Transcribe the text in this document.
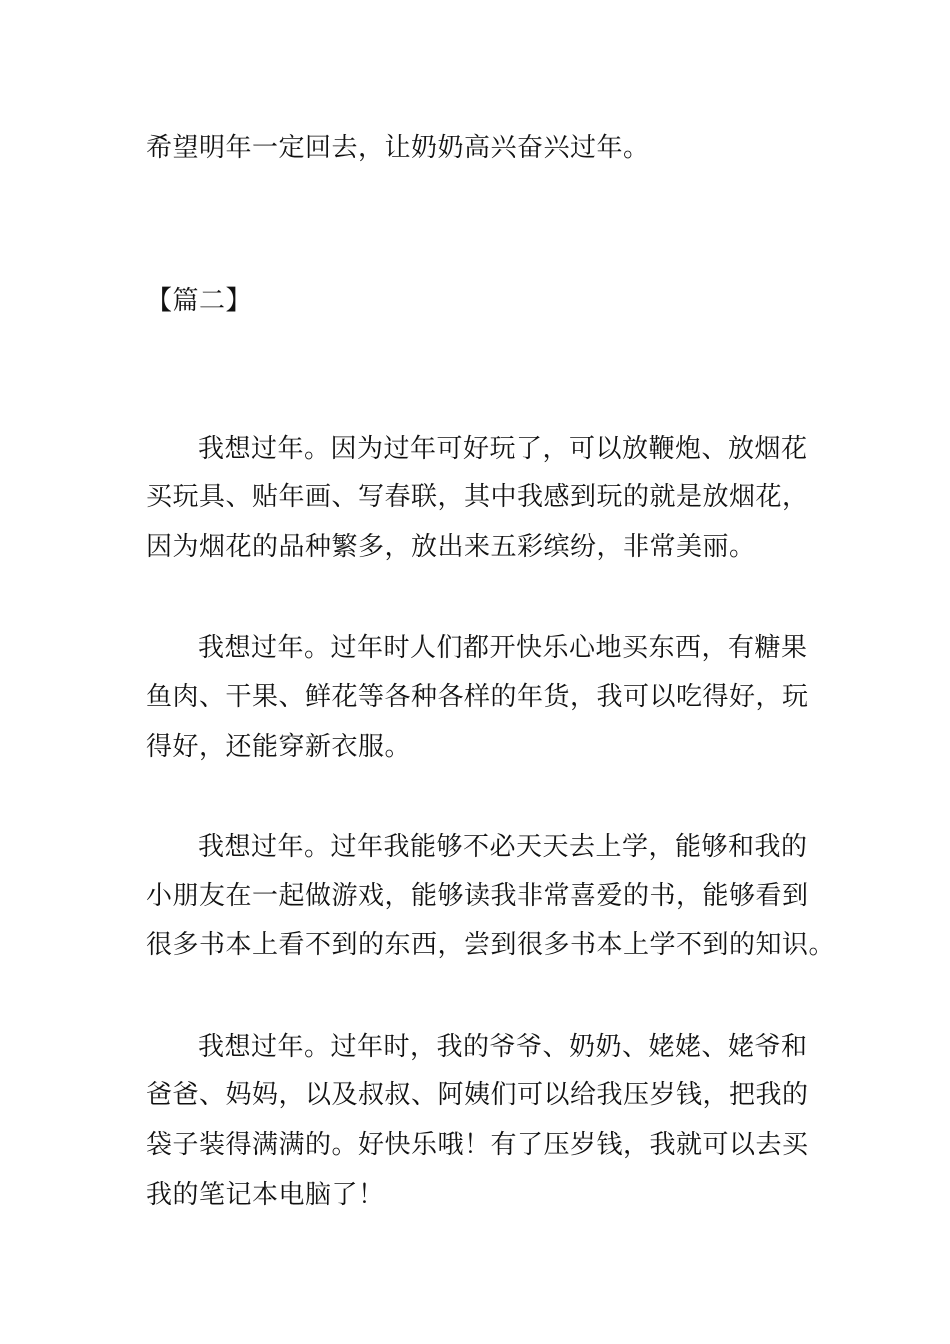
希望明年一定回去，让奶奶高兴奋兴过年。
【篇二】
我想过年。因为过年可好玩了，可以放鞭炮、放烟花
买玩具、贴年画、写春联，其中我感到玩的就是放烟花，
因为烟花的品种繁多，放出来五彩缤纷，非常美丽。
我想过年。过年时人们都开快乐心地买东西，有糖果
鱼肉、干果、鲜花等各种各样的年货，我可以吃得好，玩
得好，还能穿新衣服。
我想过年。过年我能够不必天天去上学，能够和我的
小朋友在一起做游戏，能够读我非常喜爱的书，能够看到
很多书本上看不到的东西，尝到很多书本上学不到的知识。
我想过年。过年时，我的爷爷、奶奶、姥姥、姥爷和
爸爸、妈妈，以及叔叔、阿姨们可以给我压岁钱，把我的
袋子装得满满的。好快乐哦！有了压岁钱，我就可以去买
我的笔记本电脑了！
